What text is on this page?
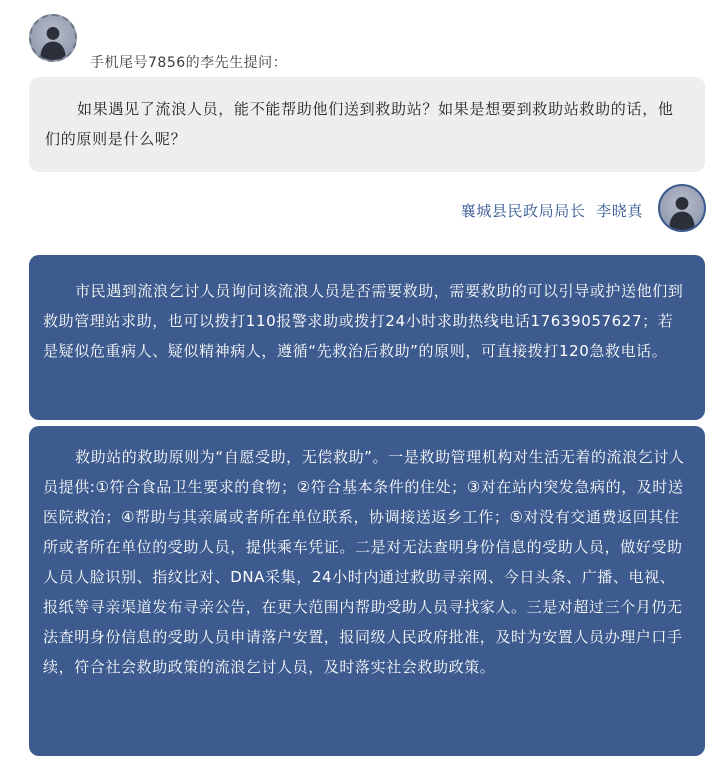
手机尾号7856的李先生提问：

如果遇见了流浪人员，能不能帮助他们送到救助站？如果是想要到救助站救助的话，他们的原则是什么呢？

襄城县民政局局长  李晓真

市民遇到流浪乞讨人员询问该流浪人员是否需要救助，需要救助的可以引导或护送他们到救助管理站求助，也可以拨打110报警求助或拨打24小时求助热线电话17639057627；若是疑似危重病人、疑似精神病人，遵循“先救治后救助”的原则，可直接拨打120急救电话。

救助站的救助原则为“自愿受助，无偿救助”。一是救助管理机构对生活无着的流浪乞讨人员提供:①符合食品卫生要求的食物；②符合基本条件的住处；③对在站内突发急病的，及时送医院救治；④帮助与其亲属或者所在单位联系，协调接送返乡工作；⑤对没有交通费返回其住所或者所在单位的受助人员，提供乘车凭证。二是对无法查明身份信息的受助人员，做好受助人员人脸识别、指纹比对、DNA采集，24小时内通过救助寻亲网、今日头条、广播、电视、报纸等寻亲渠道发布寻亲公告，在更大范围内帮助受助人员寻找家人。三是对超过三个月仍无法查明身份信息的受助人员申请落户安置，报同级人民政府批准，及时为安置人员办理户口手续，符合社会救助政策的流浪乞讨人员，及时落实社会救助政策。
